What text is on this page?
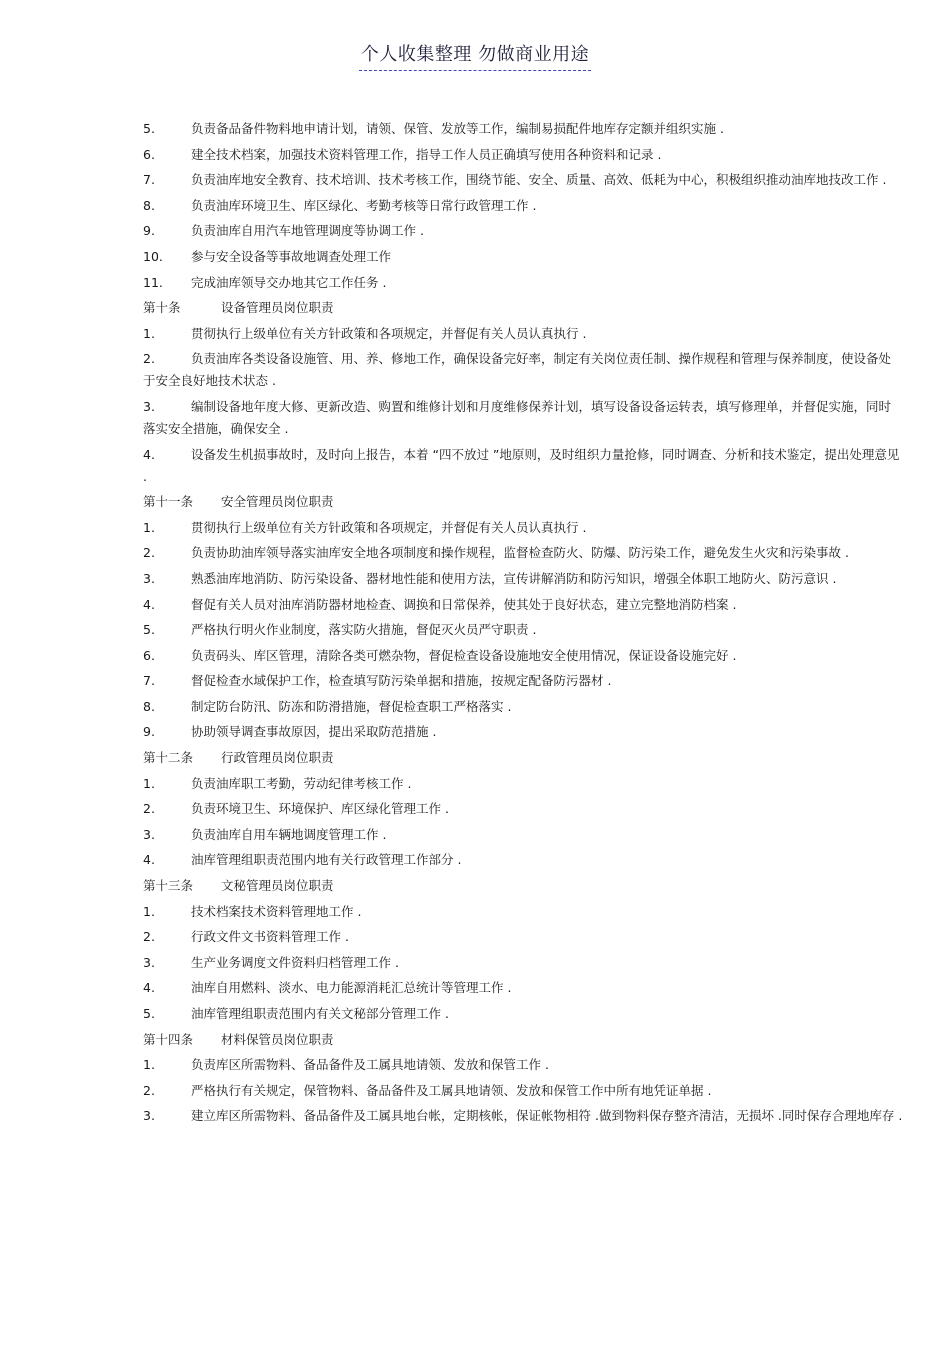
个人收集整理 勿做商业用途
5.	负责备品备件物料地申请计划，请领、保管、发放等工作，编制易损配件地库存定额并组织实施 .
6.	建全技术档案，加强技术资料管理工作，指导工作人员正确填写使用各种资料和记录 .
7.	负责油库地安全教育、技术培训、技术考核工作，围绕节能、安全、质量、高效、低耗为中心，积极组织推动油库地技改工作 .
8.	负责油库环境卫生、库区绿化、考勤考核等日常行政管理工作 .
9.	负责油库自用汽车地管理调度等协调工作 .
10.	参与安全设备等事故地调查处理工作
11.	完成油库领导交办地其它工作任务 .
第十条	设备管理员岗位职责
1.	贯彻执行上级单位有关方针政策和各项规定，并督促有关人员认真执行 .
2.	负责油库各类设备设施管、用、养、修地工作，确保设备完好率，制定有关岗位责任制、操作规程和管理与保养制度，使设备处于安全良好地技术状态 .
3.	编制设备地年度大修、更新改造、购置和维修计划和月度维修保养计划，填写设备设备运转表，填写修理单，并督促实施，同时落实安全措施，确保安全 .
4.	设备发生机损事故时，及时向上报告，本着 “四不放过 ”地原则，及时组织力量抢修，同时调查、分析和技术鉴定，提出处理意见 .
第十一条	安全管理员岗位职责
1.	贯彻执行上级单位有关方针政策和各项规定，并督促有关人员认真执行 .
2.	负责协助油库领导落实油库安全地各项制度和操作规程，监督检查防火、防爆、防污染工作，避免发生火灾和污染事故 .
3.	熟悉油库地消防、防污染设备、器材地性能和使用方法，宣传讲解消防和防污知识，增强全体职工地防火、防污意识 .
4.	督促有关人员对油库消防器材地检查、调换和日常保养，使其处于良好状态，建立完整地消防档案 .
5.	严格执行明火作业制度，落实防火措施，督促灭火员严守职责 .
6.	负责码头、库区管理，清除各类可燃杂物，督促检查设备设施地安全使用情况，保证设备设施完好 .
7.	督促检查水域保护工作，检查填写防污染单据和措施，按规定配备防污器材 .
8.	制定防台防汛、防冻和防滑措施，督促检查职工严格落实 .
9.	协助领导调查事故原因，提出采取防范措施 .
第十二条	行政管理员岗位职责
1.	负责油库职工考勤，劳动纪律考核工作 .
2.	负责环境卫生、环境保护、库区绿化管理工作 .
3.	负责油库自用车辆地调度管理工作 .
4.	油库管理组职责范围内地有关行政管理工作部分 .
第十三条	文秘管理员岗位职责
1.	技术档案技术资料管理地工作 .
2.	行政文件文书资料管理工作 .
3.	生产业务调度文件资料归档管理工作 .
4.	油库自用燃料、淡水、电力能源消耗汇总统计等管理工作 .
5.	油库管理组职责范围内有关文秘部分管理工作 .
第十四条	材料保管员岗位职责
1.	负责库区所需物料、备品备件及工属具地请领、发放和保管工作 .
2.	严格执行有关规定，保管物料、备品备件及工属具地请领、发放和保管工作中所有地凭证单据 .
3.	建立库区所需物料、备品备件及工属具地台帐，定期核帐，保证帐物相符 .做到物料保存整齐清洁，无损坏 .同时保存合理地库存 .
